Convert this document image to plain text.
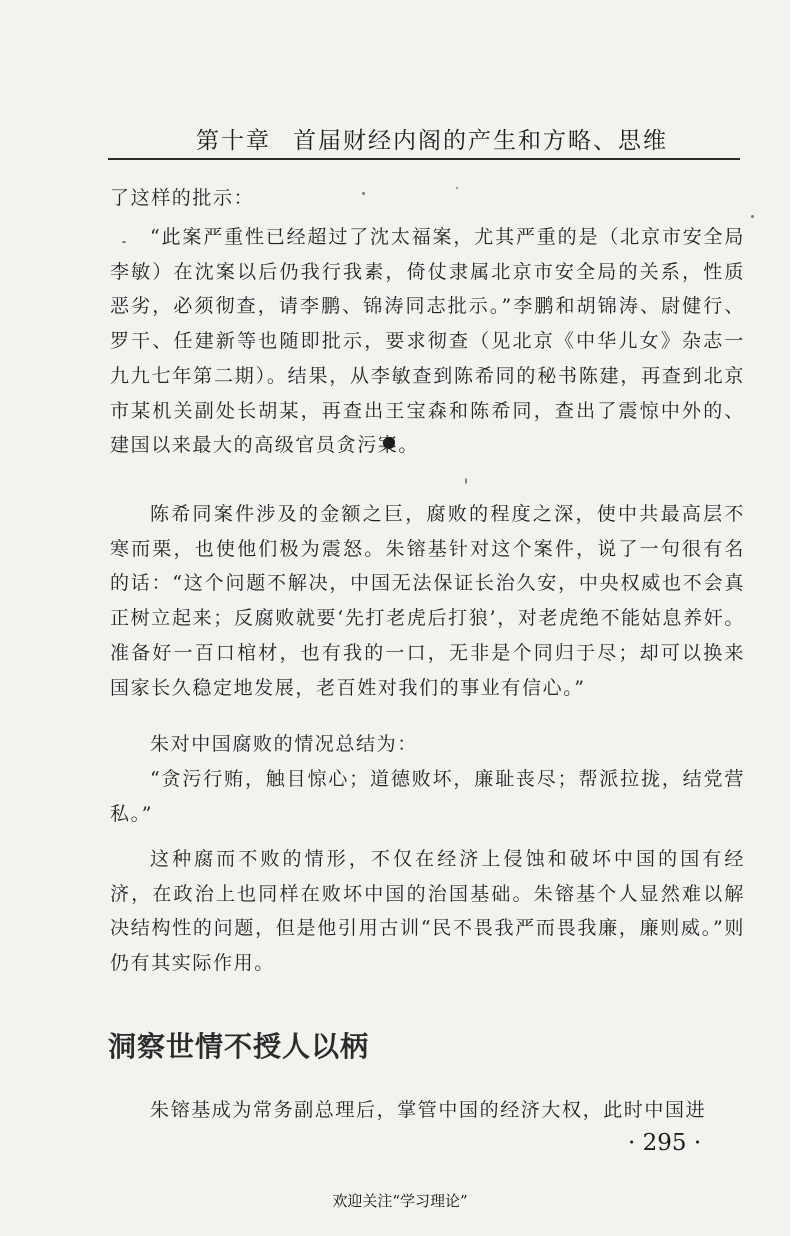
第十章 首届财经内阁的产生和方略、思维

了这样的批示：

“此案严重性已经超过了沈太福案，尤其严重的是（北京市安全局李敏）在沈案以后仍我行我素，倚仗隶属北京市安全局的关系，性质恶劣，必须彻查，请李鹏、锦涛同志批示。”李鹏和胡锦涛、尉健行、罗干、任建新等也随即批示，要求彻查（见北京《中华儿女》杂志一九九七年第二期）。结果，从李敏查到陈希同的秘书陈建，再查到北京市某机关副处长胡某，再查出王宝森和陈希同，查出了震惊中外的、建国以来最大的高级官员贪污案。

陈希同案件涉及的金额之巨，腐败的程度之深，使中共最高层不寒而栗，也使他们极为震怒。朱镕基针对这个案件，说了一句很有名的话：“这个问题不解决，中国无法保证长治久安，中央权威也不会真正树立起来；反腐败就要‘先打老虎后打狼’，对老虎绝不能姑息养奸。准备好一百口棺材，也有我的一口，无非是个同归于尽；却可以换来国家长久稳定地发展，老百姓对我们的事业有信心。”

朱对中国腐败的情况总结为：

“贪污行贿，触目惊心；道德败坏，廉耻丧尽；帮派拉拢，结党营私。”

这种腐而不败的情形，不仅在经济上侵蚀和破坏中国的国有经济，在政治上也同样在败坏中国的治国基础。朱镕基个人显然难以解决结构性的问题，但是他引用古训“民不畏我严而畏我廉，廉则威。”则仍有其实际作用。

洞察世情不授人以柄

朱镕基成为常务副总理后，掌管中国的经济大权，此时中国进

· 295 ·
欢迎关注“学习理论”
